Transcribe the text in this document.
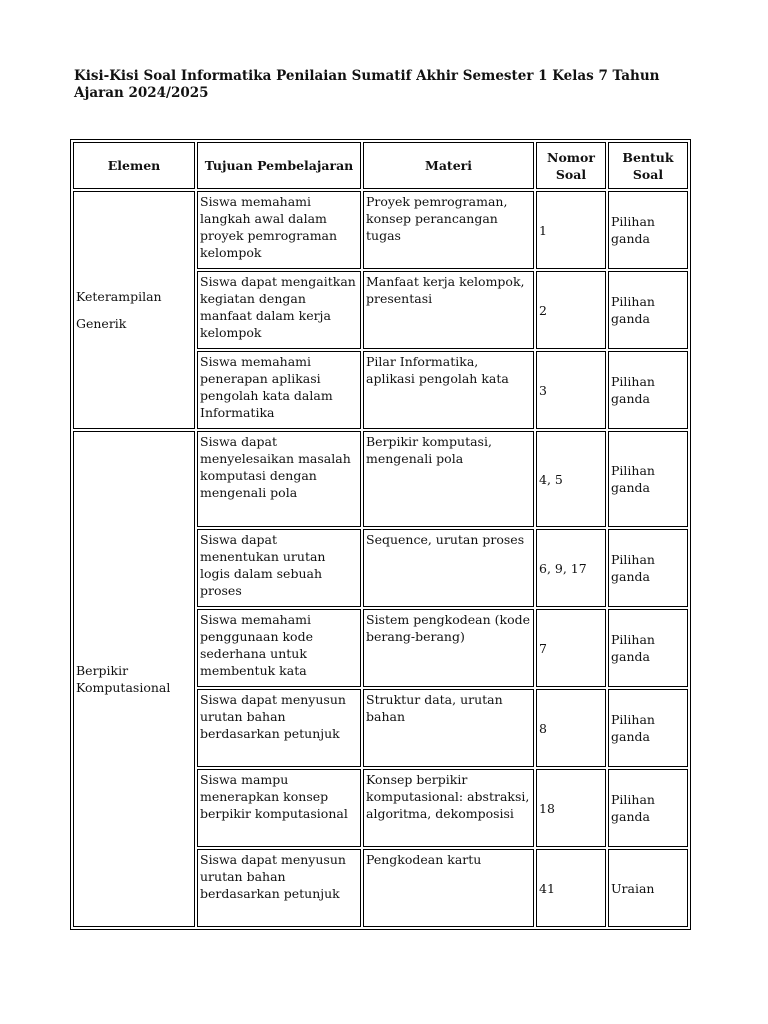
Kisi-Kisi Soal Informatika Penilaian Sumatif Akhir Semester 1 Kelas 7 Tahun Ajaran 2024/2025
Elemen	Tujuan Pembelajaran	Materi	Nomor Soal	Bentuk Soal
Keterampilan Generik	Siswa memahami langkah awal dalam proyek pemrograman kelompok	Proyek pemrograman, konsep perancangan tugas	1	Pilihan ganda
	Siswa dapat mengaitkan kegiatan dengan manfaat dalam kerja kelompok	Manfaat kerja kelompok, presentasi	2	Pilihan ganda
	Siswa memahami penerapan aplikasi pengolah kata dalam Informatika	Pilar Informatika, aplikasi pengolah kata	3	Pilihan ganda
Berpikir Komputasional	Siswa dapat menyelesaikan masalah komputasi dengan mengenali pola	Berpikir komputasi, mengenali pola	4, 5	Pilihan ganda
	Siswa dapat menentukan urutan logis dalam sebuah proses	Sequence, urutan proses	6, 9, 17	Pilihan ganda
	Siswa memahami penggunaan kode sederhana untuk membentuk kata	Sistem pengkodean (kode berang-berang)	7	Pilihan ganda
	Siswa dapat menyusun urutan bahan berdasarkan petunjuk	Struktur data, urutan bahan	8	Pilihan ganda
	Siswa mampu menerapkan konsep berpikir komputasional	Konsep berpikir komputasional: abstraksi, algoritma, dekomposisi	18	Pilihan ganda
	Siswa dapat menyusun urutan bahan berdasarkan petunjuk	Pengkodean kartu	41	Uraian
